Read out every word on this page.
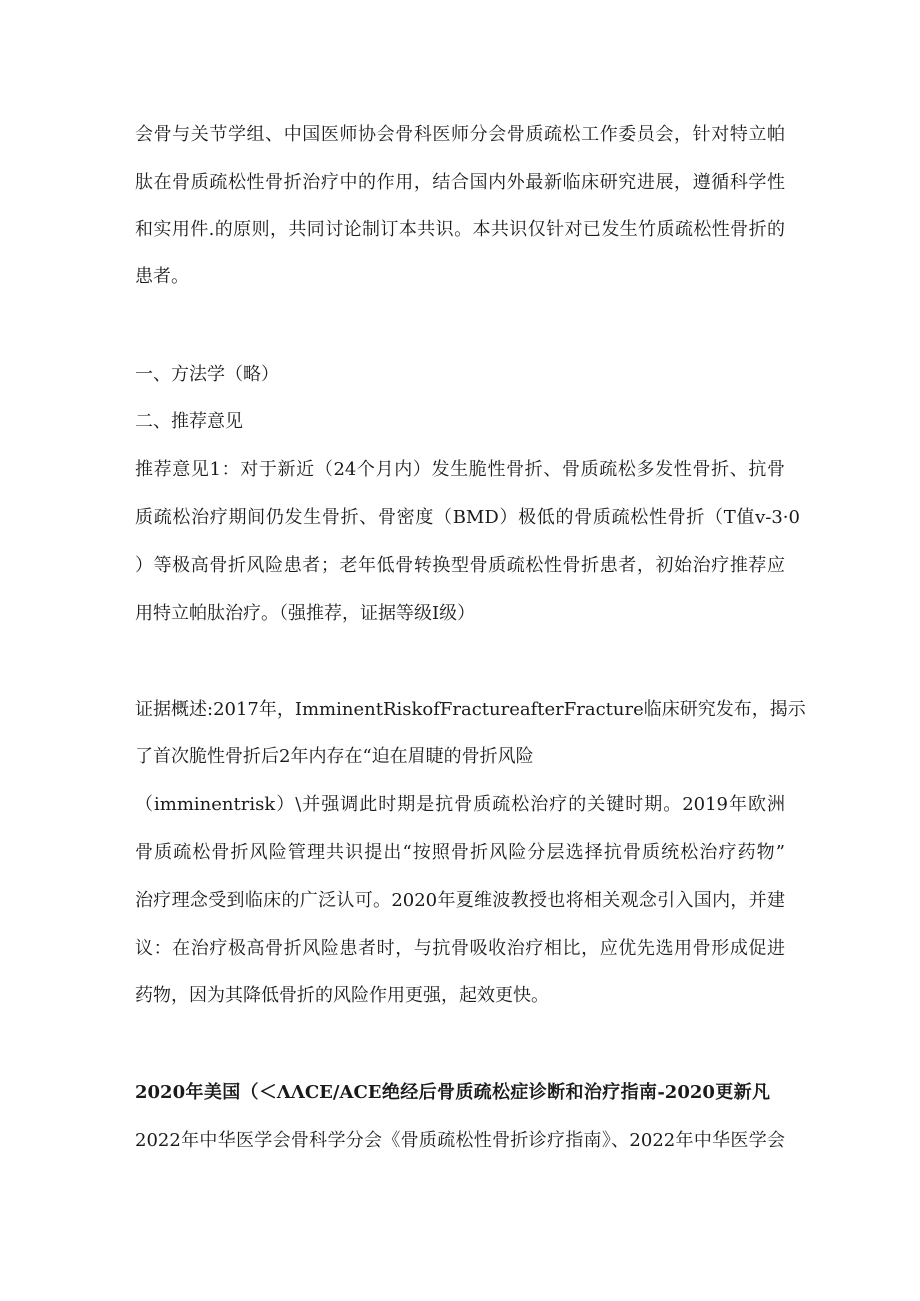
会骨与关节学组、中国医师协会骨科医师分会骨质疏松工作委员会，针对特立帕
肽在骨质疏松性骨折治疗中的作用，结合国内外最新临床研究进展，遵循科学性
和实用件.的原则，共同讨论制订本共识。本共识仅针对已发生竹质疏松性骨折的
患者。
一、方法学（略）
二、推荐意见
推荐意见1：对于新近（24个月内）发生脆性骨折、骨质疏松多发性骨折、抗骨
质疏松治疗期间仍发生骨折、骨密度（BMD）极低的骨质疏松性骨折（T值v-3·0
）等极高骨折风险患者；老年低骨转换型骨质疏松性骨折患者，初始治疗推荐应
用特立帕肽治疗。（强推荐，证据等级I级）
证据概述:2017年，ImminentRiskofFractureafterFracture临床研究发布，揭示
了首次脆性骨折后2年内存在“迫在眉睫的骨折风险
（imminentrisk）\并强调此时期是抗骨质疏松治疗的关键时期。2019年欧洲
骨质疏松骨折风险管理共识提出“按照骨折风险分层选择抗骨质统松治疗药物”
治疗理念受到临床的广泛认可。2020年夏维波教授也将相关观念引入国内，并建
议：在治疗极高骨折风险患者时，与抗骨吸收治疗相比，应优先选用骨形成促进
药物，因为其降低骨折的风险作用更强，起效更快。
2020年美国（＜ΛΛCE/ACE绝经后骨质疏松症诊断和治疗指南-2020更新凡
2022年中华医学会骨科学分会《骨质疏松性骨折诊疗指南》、2022年中华医学会
